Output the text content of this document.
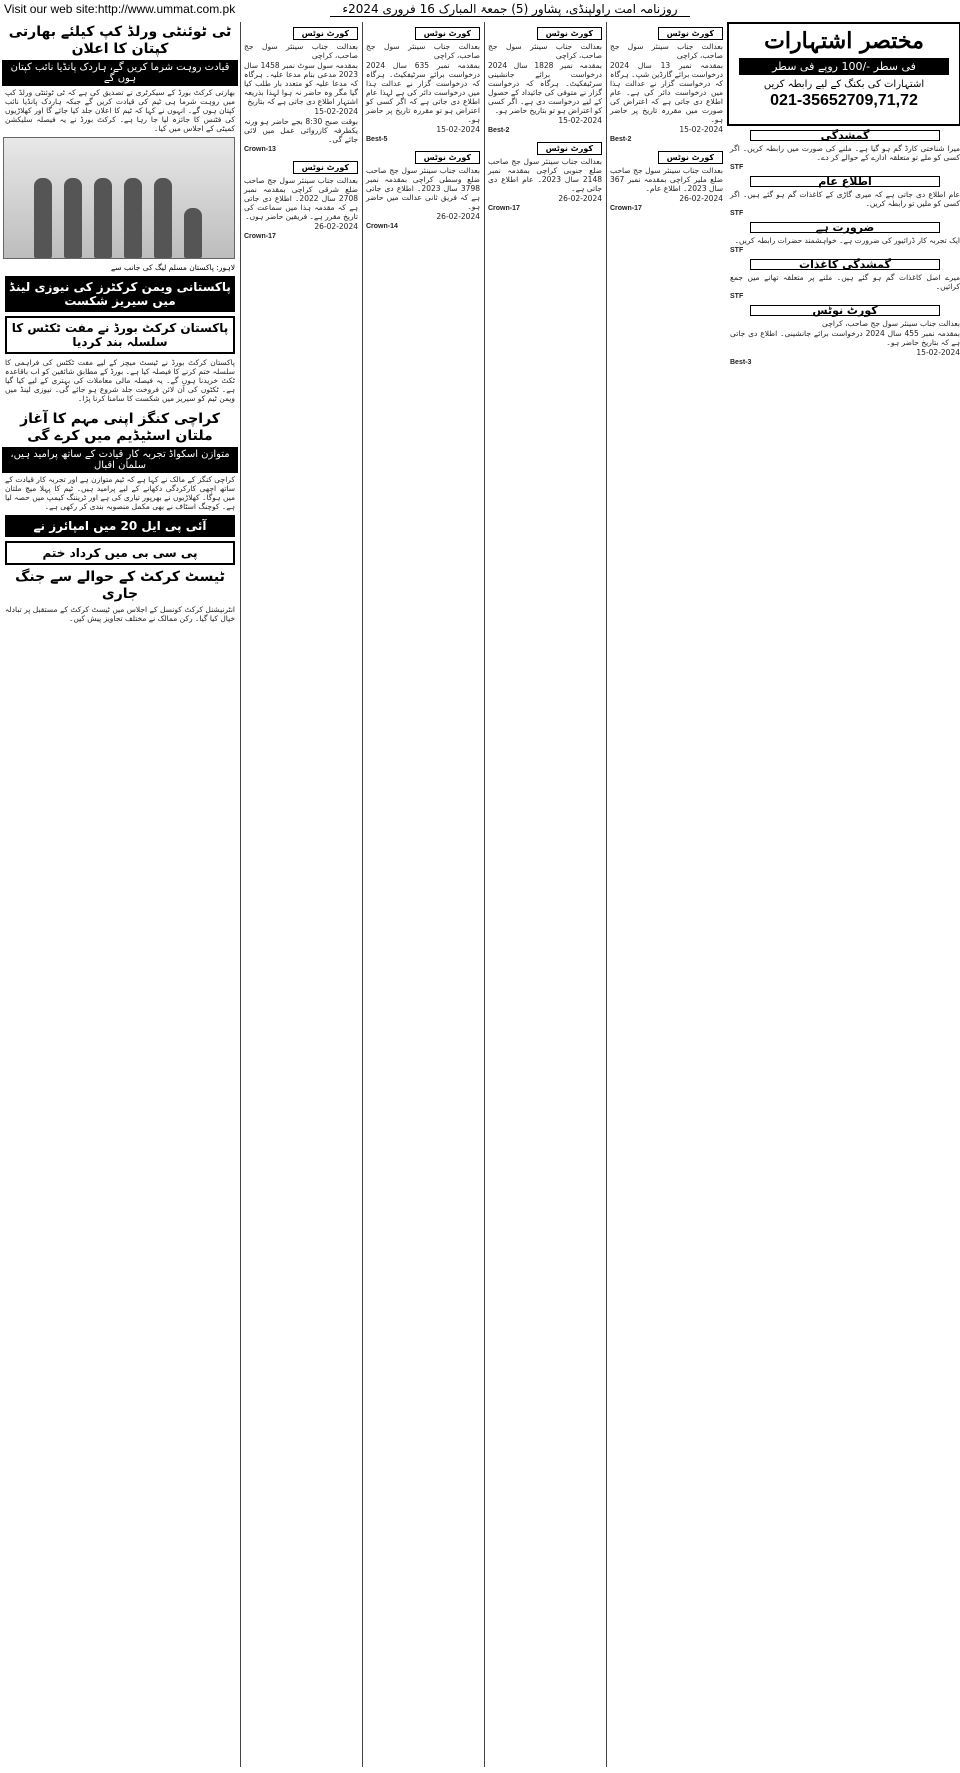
Visit our web site:http://www.ummat.com.pk	روزنامہ امت راولپنڈی، پشاور (5) جمعۃ المبارک 16 فروری 2024ء
ٹی ٹوئنٹی ورلڈ کپ کیلئے بھارتی کپتان کا اعلان
قیادت روہت شرما کریں گے، ہاردک پانڈیا نائب کپتان ہوں گے
بھارتی کرکٹ بورڈ کے سیکرٹری نے تصدیق کی ہے کہ ٹی ٹوئنٹی ورلڈ کپ میں روہت شرما ہی ٹیم کی قیادت کریں گے جبکہ ہاردک پانڈیا نائب کپتان ہوں گے۔ انہوں نے کہا کہ ٹیم کا اعلان جلد کیا جائے گا اور کھلاڑیوں کی فٹنس کا جائزہ لیا جا رہا ہے۔ کرکٹ بورڈ نے یہ فیصلہ سلیکشن کمیٹی کے اجلاس میں کیا۔
لاہور: پاکستان مسلم لیگ کی جانب سے
پاکستانی ویمن کرکٹرز کی نیوزی لینڈ میں سیریز شکست
پاکستان کرکٹ بورڈ نے مفت ٹکٹس کا سلسلہ بند کردیا
پاکستان کرکٹ بورڈ نے ٹیسٹ میچز کے لیے مفت ٹکٹس کی فراہمی کا سلسلہ ختم کرنے کا فیصلہ کیا ہے۔ بورڈ کے مطابق شائقین کو اب باقاعدہ ٹکٹ خریدنا ہوں گے۔ یہ فیصلہ مالی معاملات کی بہتری کے لیے کیا گیا ہے۔ ٹکٹوں کی آن لائن فروخت جلد شروع ہو جائے گی۔ نیوزی لینڈ میں ویمن ٹیم کو سیریز میں شکست کا سامنا کرنا پڑا۔
کراچی کنگز اپنی مہم کا آغاز ملتان اسٹیڈیم میں کرے گی
متوازن اسکواڈ تجربہ کار قیادت کے ساتھ پرامید ہیں، سلمان اقبال
کراچی کنگز کے مالک نے کہا ہے کہ ٹیم متوازن ہے اور تجربہ کار قیادت کے ساتھ اچھی کارکردگی دکھانے کے لیے پرامید ہیں۔ ٹیم کا پہلا میچ ملتان میں ہوگا۔ کھلاڑیوں نے بھرپور تیاری کی ہے اور ٹریننگ کیمپ میں حصہ لیا ہے۔ کوچنگ اسٹاف نے بھی مکمل منصوبہ بندی کر رکھی ہے۔
آئی پی ایل 20 میں امپائرز نے
پی سی بی میں کرداد ختم
ٹیسٹ کرکٹ کے حوالے سے جنگ جاری
انٹرنیشنل کرکٹ کونسل کے اجلاس میں ٹیسٹ کرکٹ کے مستقبل پر تبادلہ خیال کیا گیا۔ رکن ممالک نے مختلف تجاویز پیش کیں۔
کورٹ نوٹس

بعدالت جناب سینئر سول جج صاحب، کراچی

بمقدمہ سول سوٹ نمبر 1458 سال 2023 مدعی بنام مدعا علیہ۔ ہرگاہ کہ مدعا علیہ کو متعدد بار طلب کیا گیا مگر وہ حاضر نہ ہوا لہذا بذریعہ اشتہار اطلاع دی جاتی ہے کہ بتاریخ

15-02-2024

بوقت صبح 8:30 بجے حاضر ہو ورنہ یکطرفہ کارروائی عمل میں لائی جائے گی۔

Crown-13
کورٹ نوٹس

بعدالت جناب سینئر سول جج صاحب ضلع شرقی کراچی بمقدمہ نمبر 2708 سال 2022۔ اطلاع دی جاتی ہے کہ مقدمہ ہذا میں سماعت کی تاریخ مقرر ہے۔ فریقین حاضر ہوں۔

26-02-2024

Crown-17
کورٹ نوٹس

بعدالت جناب سینئر سول جج صاحب، کراچی

بمقدمہ نمبر 635 سال 2024 درخواست برائے سرٹیفکیٹ۔ ہرگاہ کہ درخواست گزار نے عدالت ہذا میں درخواست دائر کی ہے لہذا عام اطلاع دی جاتی ہے کہ اگر کسی کو اعتراض ہو تو مقررہ تاریخ پر حاضر ہو۔

15-02-2024

Best-5
کورٹ نوٹس

بعدالت جناب سینئر سول جج صاحب ضلع وسطی کراچی بمقدمہ نمبر 3798 سال 2023۔ اطلاع دی جاتی ہے کہ فریق ثانی عدالت میں حاضر ہو۔

26-02-2024

Crown-14
کورٹ نوٹس

بعدالت جناب سینئر سول جج صاحب، کراچی

بمقدمہ نمبر 1828 سال 2024 درخواست برائے جانشینی سرٹیفکیٹ۔ ہرگاہ کہ درخواست گزار نے متوفی کی جائیداد کے حصول کے لیے درخواست دی ہے۔ اگر کسی کو اعتراض ہو تو بتاریخ حاضر ہو۔

15-02-2024

Best-2
کورٹ نوٹس

بعدالت جناب سینئر سول جج صاحب ضلع جنوبی کراچی بمقدمہ نمبر 2148 سال 2023۔ عام اطلاع دی جاتی ہے۔

26-02-2024

Crown-17
کورٹ نوٹس

بعدالت جناب سینئر سول جج صاحب، کراچی

بمقدمہ نمبر 13 سال 2024 درخواست برائے گارڈین شپ۔ ہرگاہ کہ درخواست گزار نے عدالت ہذا میں درخواست دائر کی ہے۔ عام اطلاع دی جاتی ہے کہ اعتراض کی صورت میں مقررہ تاریخ پر حاضر ہو۔

15-02-2024

Best-2
کورٹ نوٹس

بعدالت جناب سینئر سول جج صاحب ضلع ملیر کراچی بمقدمہ نمبر 367 سال 2023۔ اطلاع عام۔

26-02-2024

Crown-17
مختصر اشتہارات
فی سطر -/100 روپے فی سطر
اشتہارات کی بکنگ کے لیے رابطہ کریں
021-35652709,71,72
گمشدگی

میرا شناختی کارڈ گم ہو گیا ہے۔ ملنے کی صورت میں رابطہ کریں۔ اگر کسی کو ملے تو متعلقہ ادارے کے حوالے کر دے۔

STF
اطلاع عام

عام اطلاع دی جاتی ہے کہ میری گاڑی کے کاغذات گم ہو گئے ہیں۔ اگر کسی کو ملیں تو رابطہ کریں۔

STF
ضرورت ہے

ایک تجربہ کار ڈرائیور کی ضرورت ہے۔ خواہشمند حضرات رابطہ کریں۔

STF
گمشدگی کاغذات

میرے اصل کاغذات گم ہو گئے ہیں۔ ملنے پر متعلقہ تھانے میں جمع کرائیں۔

STF
کورٹ نوٹس

بعدالت جناب سینئر سول جج صاحب، کراچی

بمقدمہ نمبر 455 سال 2024 درخواست برائے جانشینی۔ اطلاع دی جاتی ہے کہ بتاریخ حاضر ہو۔

15-02-2024

Best-3
